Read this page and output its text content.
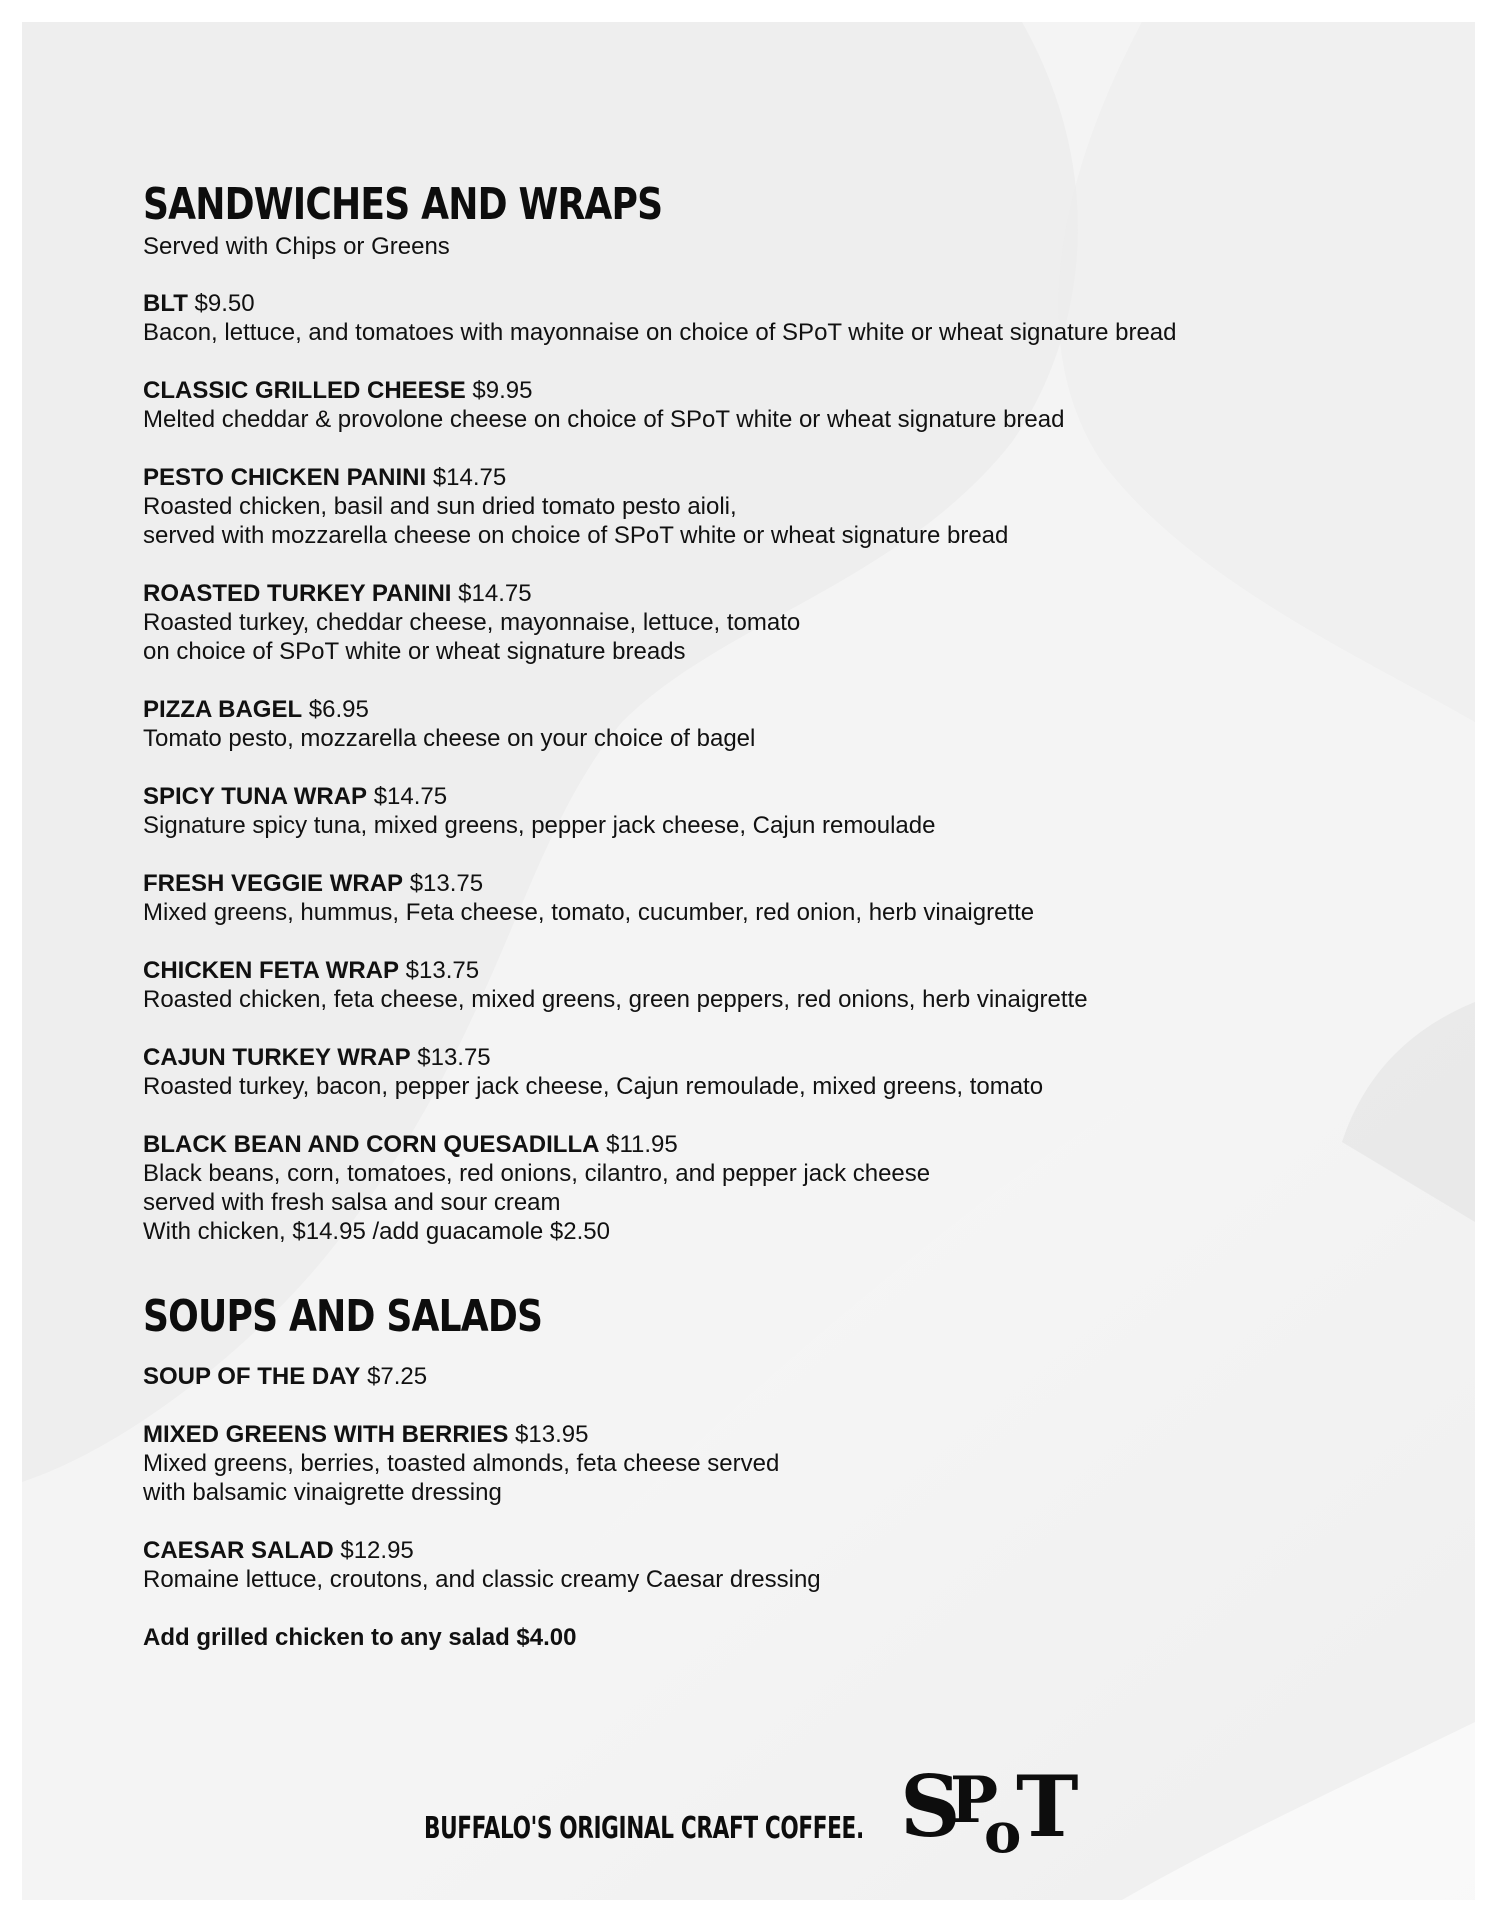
SANDWICHES AND WRAPS
Served with Chips or Greens
BLT $9.50
Bacon, lettuce, and tomatoes with mayonnaise on choice of SPoT white or wheat signature bread
CLASSIC GRILLED CHEESE $9.95
Melted cheddar & provolone cheese on choice of SPoT white or wheat signature bread
PESTO CHICKEN PANINI $14.75
Roasted chicken, basil and sun dried tomato pesto aioli,
served with mozzarella cheese on choice of SPoT white or wheat signature bread
ROASTED TURKEY PANINI $14.75
Roasted turkey, cheddar cheese, mayonnaise, lettuce, tomato
on choice of SPoT white or wheat signature breads
PIZZA BAGEL $6.95
Tomato pesto, mozzarella cheese on your choice of bagel
SPICY TUNA WRAP $14.75
Signature spicy tuna, mixed greens, pepper jack cheese, Cajun remoulade
FRESH VEGGIE WRAP $13.75
Mixed greens, hummus, Feta cheese, tomato, cucumber, red onion, herb vinaigrette
CHICKEN FETA WRAP $13.75
Roasted chicken, feta cheese, mixed greens, green peppers, red onions, herb vinaigrette
CAJUN TURKEY WRAP $13.75
Roasted turkey, bacon, pepper jack cheese, Cajun remoulade, mixed greens, tomato
BLACK BEAN AND CORN QUESADILLA $11.95
Black beans, corn, tomatoes, red onions, cilantro, and pepper jack cheese
served with fresh salsa and sour cream
With chicken, $14.95 /add guacamole $2.50
SOUPS AND SALADS
SOUP OF THE DAY $7.25
MIXED GREENS WITH BERRIES $13.95
Mixed greens, berries, toasted almonds, feta cheese served
with balsamic vinaigrette dressing
CAESAR SALAD $12.95
Romaine lettuce, croutons, and classic creamy Caesar dressing
Add grilled chicken to any salad $4.00
BUFFALO'S ORIGINAL CRAFT COFFEE. S
P
o
T
